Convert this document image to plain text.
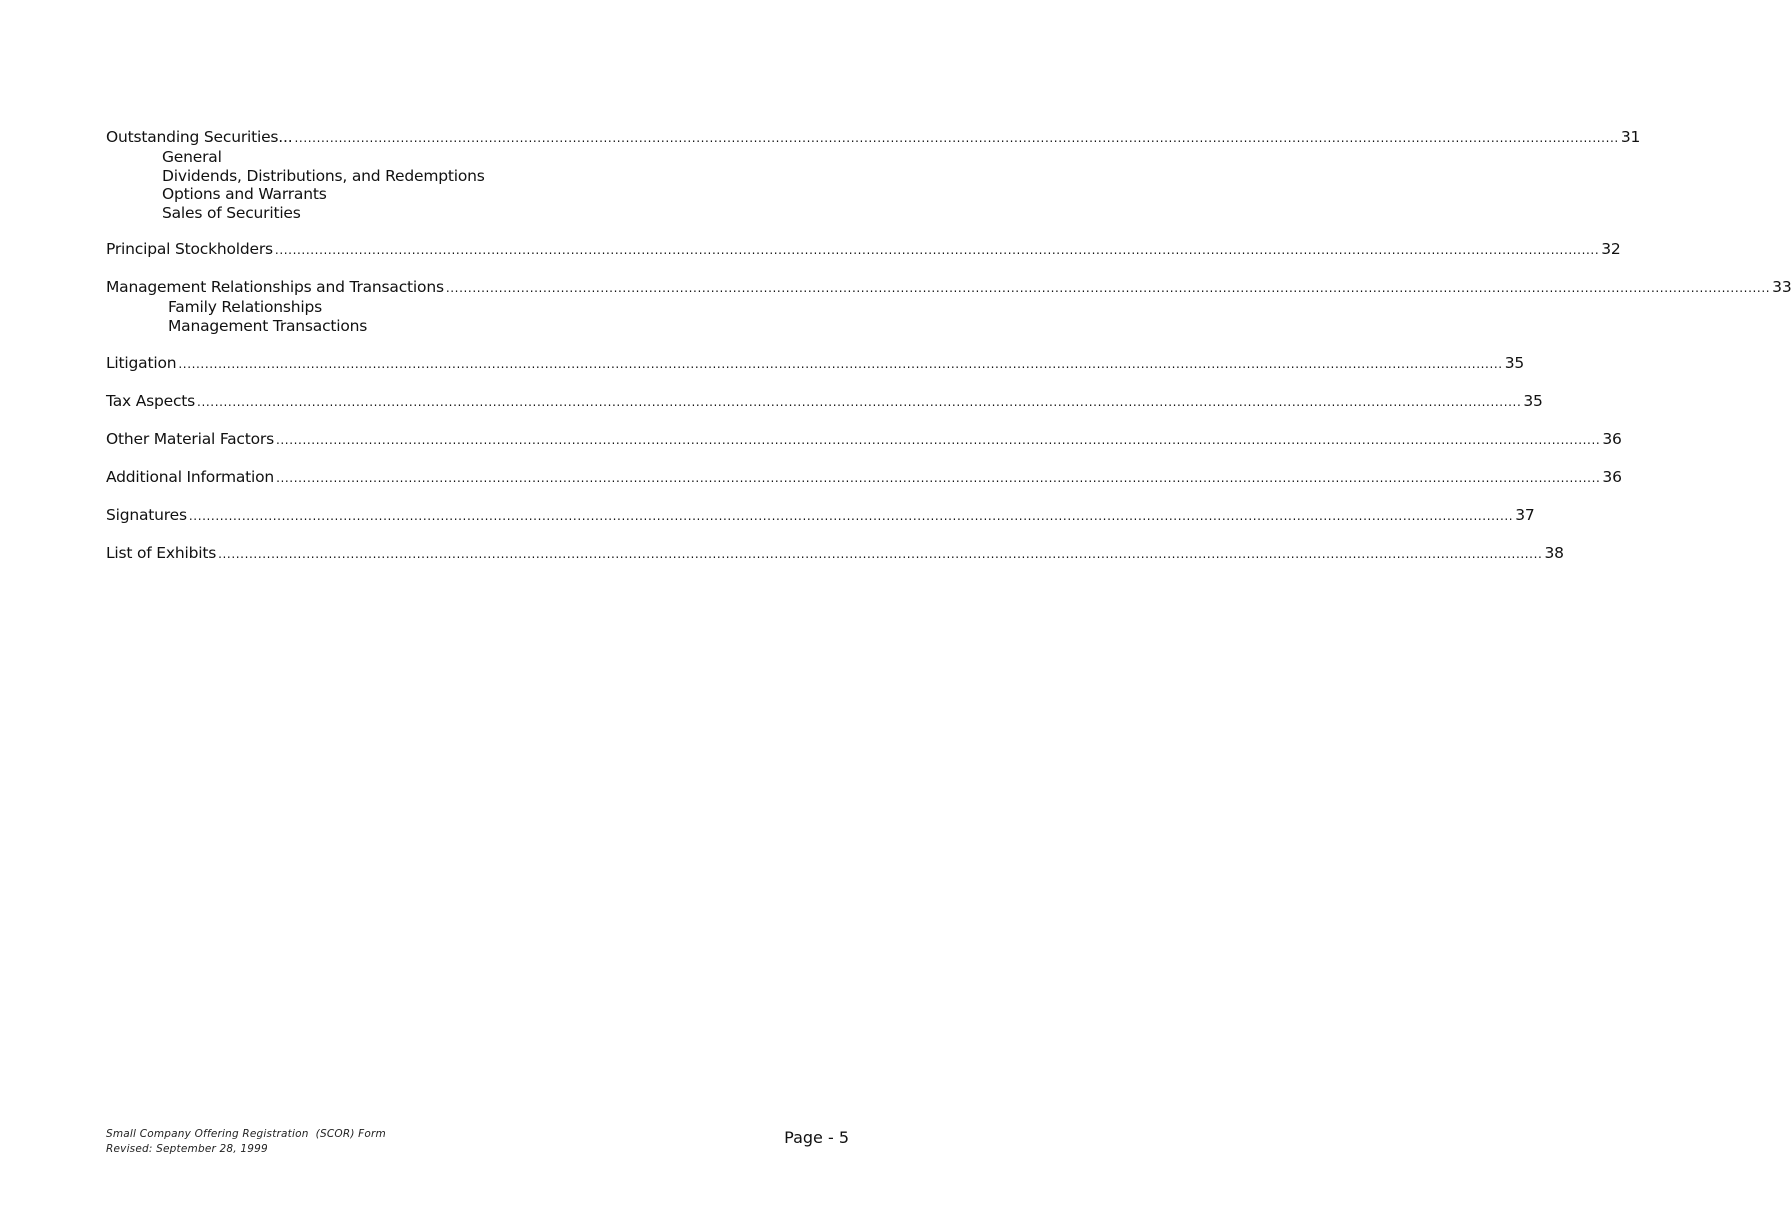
Outstanding Securities... ............................................................................................................................................................................................................................................................................................................ 31
General
Dividends, Distributions, and Redemptions
Options and Warrants
Sales of Securities
Principal Stockholders ............................................................................................................................................................................................................................................................................................................ 32
Management Relationships and Transactions ............................................................................................................................................................................................................................................................................................................ 33
Family Relationships
Management Transactions
Litigation ............................................................................................................................................................................................................................................................................................................ 35
Tax Aspects ............................................................................................................................................................................................................................................................................................................ 35
Other Material Factors ............................................................................................................................................................................................................................................................................................................ 36
Additional Information ............................................................................................................................................................................................................................................................................................................ 36
Signatures ............................................................................................................................................................................................................................................................................................................ 37
List of Exhibits ............................................................................................................................................................................................................................................................................................................ 38
Small Company Offering Registration  (SCOR) Form
Revised: September 28, 1999
Page - 5
